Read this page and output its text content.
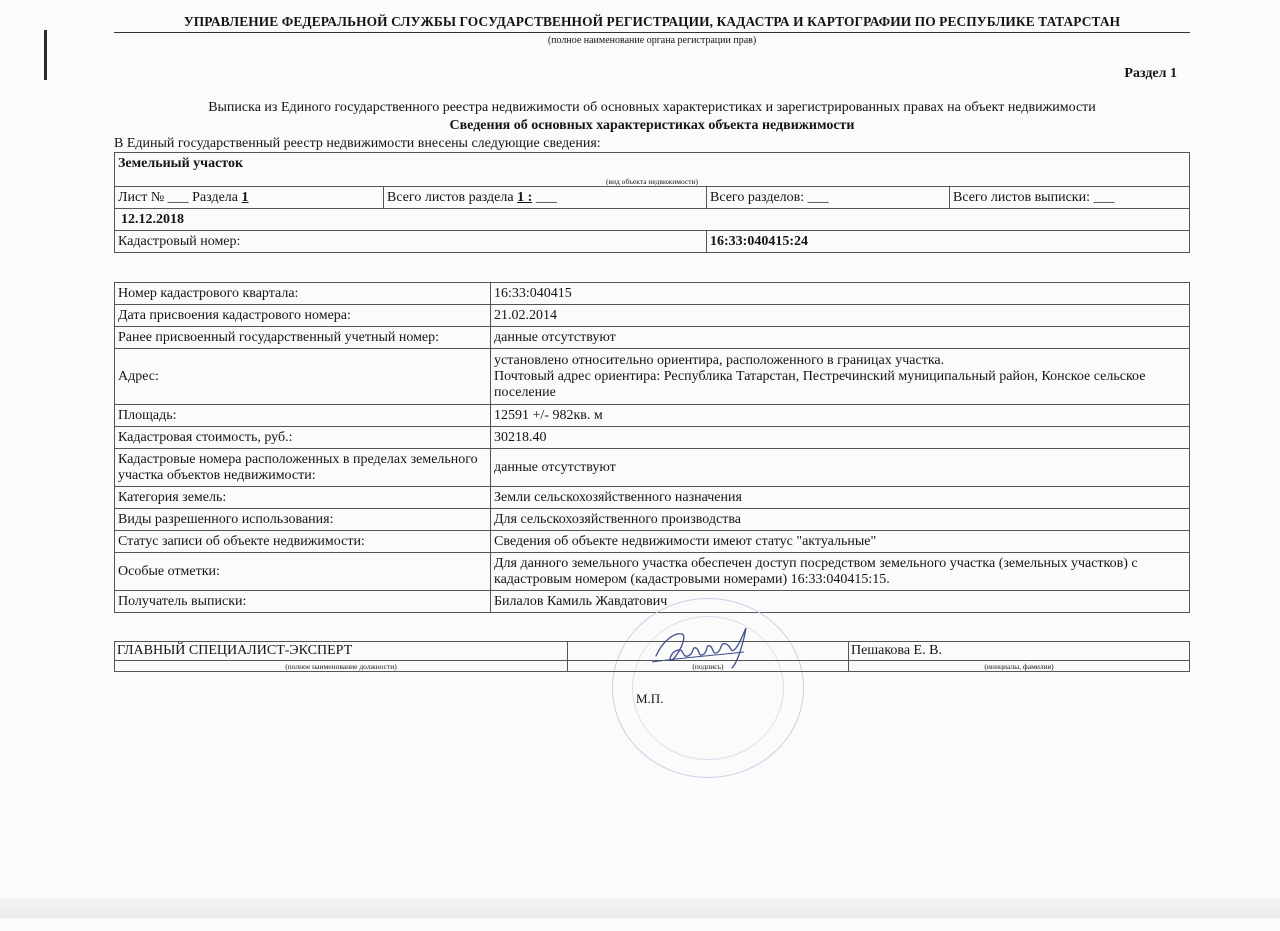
УПРАВЛЕНИЕ ФЕДЕРАЛЬНОЙ СЛУЖБЫ ГОСУДАРСТВЕННОЙ РЕГИСТРАЦИИ, КАДАСТРА И КАРТОГРАФИИ ПО РЕСПУБЛИКЕ ТАТАРСТАН
(полное наименование органа регистрации прав)
Раздел 1
Выписка из Единого государственного реестра недвижимости об основных характеристиках и зарегистрированных правах на объект недвижимости
Сведения об основных характеристиках объекта недвижимости
В Единый государственный реестр недвижимости внесены следующие сведения:
Земельный участок			
(вид объекта недвижимости)			
Лист № ___ Раздела 1	Всего листов раздела 1 : ___	Всего разделов: ___	Всего листов выписки: ___
12.12.2018			
Кадастровый номер:		16:33:040415:24	
Номер кадастрового квартала:	16:33:040415
Дата присвоения кадастрового номера:	21.02.2014
Ранее присвоенный государственный учетный номер:	данные отсутствуют
Адрес:	установлено относительно ориентира, расположенного в границах участка.
Почтовый адрес ориентира: Республика Татарстан, Пестречинский муниципальный район, Конское сельское поселение

Площадь:	12591 +/- 982кв. м
Кадастровая стоимость, руб.:	30218.40
Кадастровые номера расположенных в пределах земельного участка объектов недвижимости:	данные отсутствуют
Категория земель:	Земли сельскохозяйственного назначения
Виды разрешенного использования:	Для сельскохозяйственного производства
Статус записи об объекте недвижимости:	Сведения об объекте недвижимости имеют статус "актуальные"
Особые отметки:	Для данного земельного участка обеспечен доступ посредством земельного участка (земельных участков) с кадастровым номером (кадастровыми номерами) 16:33:040415:15.
Получатель выписки:	Билалов Камиль Жавдатович
ГЛАВНЫЙ СПЕЦИАЛИСТ-ЭКСПЕРТ		Пешакова Е. В.
(полное наименование должности)	(подпись)	(инициалы, фамилия)
М.П.
